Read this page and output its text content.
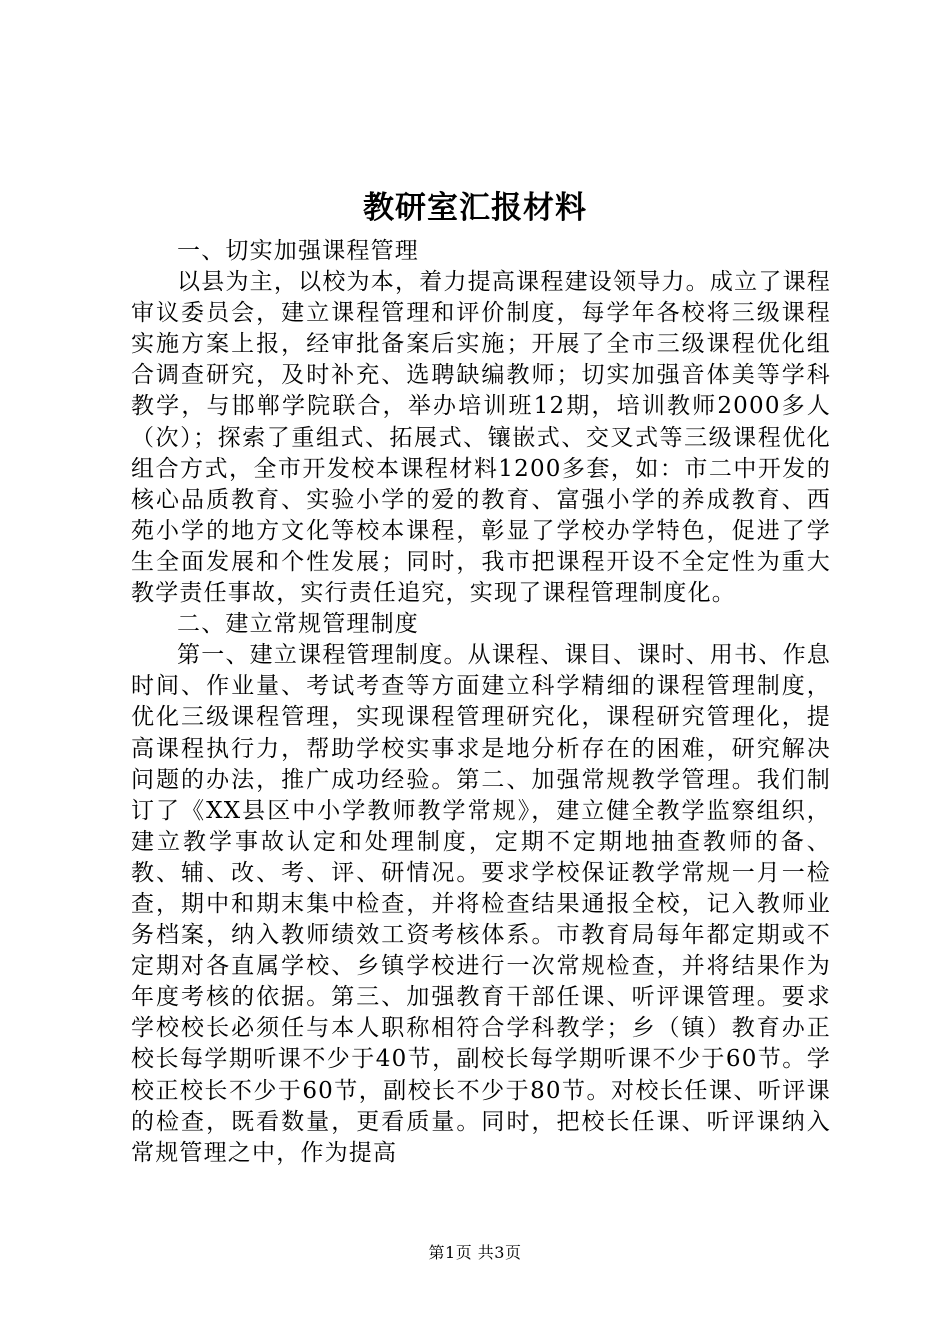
教研室汇报材料

一、切实加强课程管理

以县为主，以校为本，着力提高课程建设领导力。成立了课程审议委员会，建立课程管理和评价制度，每学年各校将三级课程实施方案上报，经审批备案后实施；开展了全市三级课程优化组合调查研究，及时补充、选聘缺编教师；切实加强音体美等学科教学，与邯郸学院联合，举办培训班12期，培训教师2000多人（次）；探索了重组式、拓展式、镶嵌式、交叉式等三级课程优化组合方式，全市开发校本课程材料1200多套，如：市二中开发的核心品质教育、实验小学的爱的教育、富强小学的养成教育、西苑小学的地方文化等校本课程，彰显了学校办学特色，促进了学生全面发展和个性发展；同时，我市把课程开设不全定性为重大教学责任事故，实行责任追究，实现了课程管理制度化。

二、建立常规管理制度

第一、建立课程管理制度。从课程、课目、课时、用书、作息时间、作业量、考试考查等方面建立科学精细的课程管理制度，优化三级课程管理，实现课程管理研究化，课程研究管理化，提高课程执行力，帮助学校实事求是地分析存在的困难，研究解决问题的办法，推广成功经验。第二、加强常规教学管理。我们制订了《XX县区中小学教师教学常规》，建立健全教学监察组织，建立教学事故认定和处理制度，定期不定期地抽查教师的备、教、辅、改、考、评、研情况。要求学校保证教学常规一月一检查，期中和期末集中检查，并将检查结果通报全校，记入教师业务档案，纳入教师绩效工资考核体系。市教育局每年都定期或不定期对各直属学校、乡镇学校进行一次常规检查，并将结果作为年度考核的依据。第三、加强教育干部任课、听评课管理。要求学校校长必须任与本人职称相符合学科教学；乡（镇）教育办正校长每学期听课不少于40节，副校长每学期听课不少于60节。学校正校长不少于60节，副校长不少于80节。对校长任课、听评课的检查，既看数量，更看质量。同时，把校长任课、听评课纳入常规管理之中，作为提高

第1页 共3页
